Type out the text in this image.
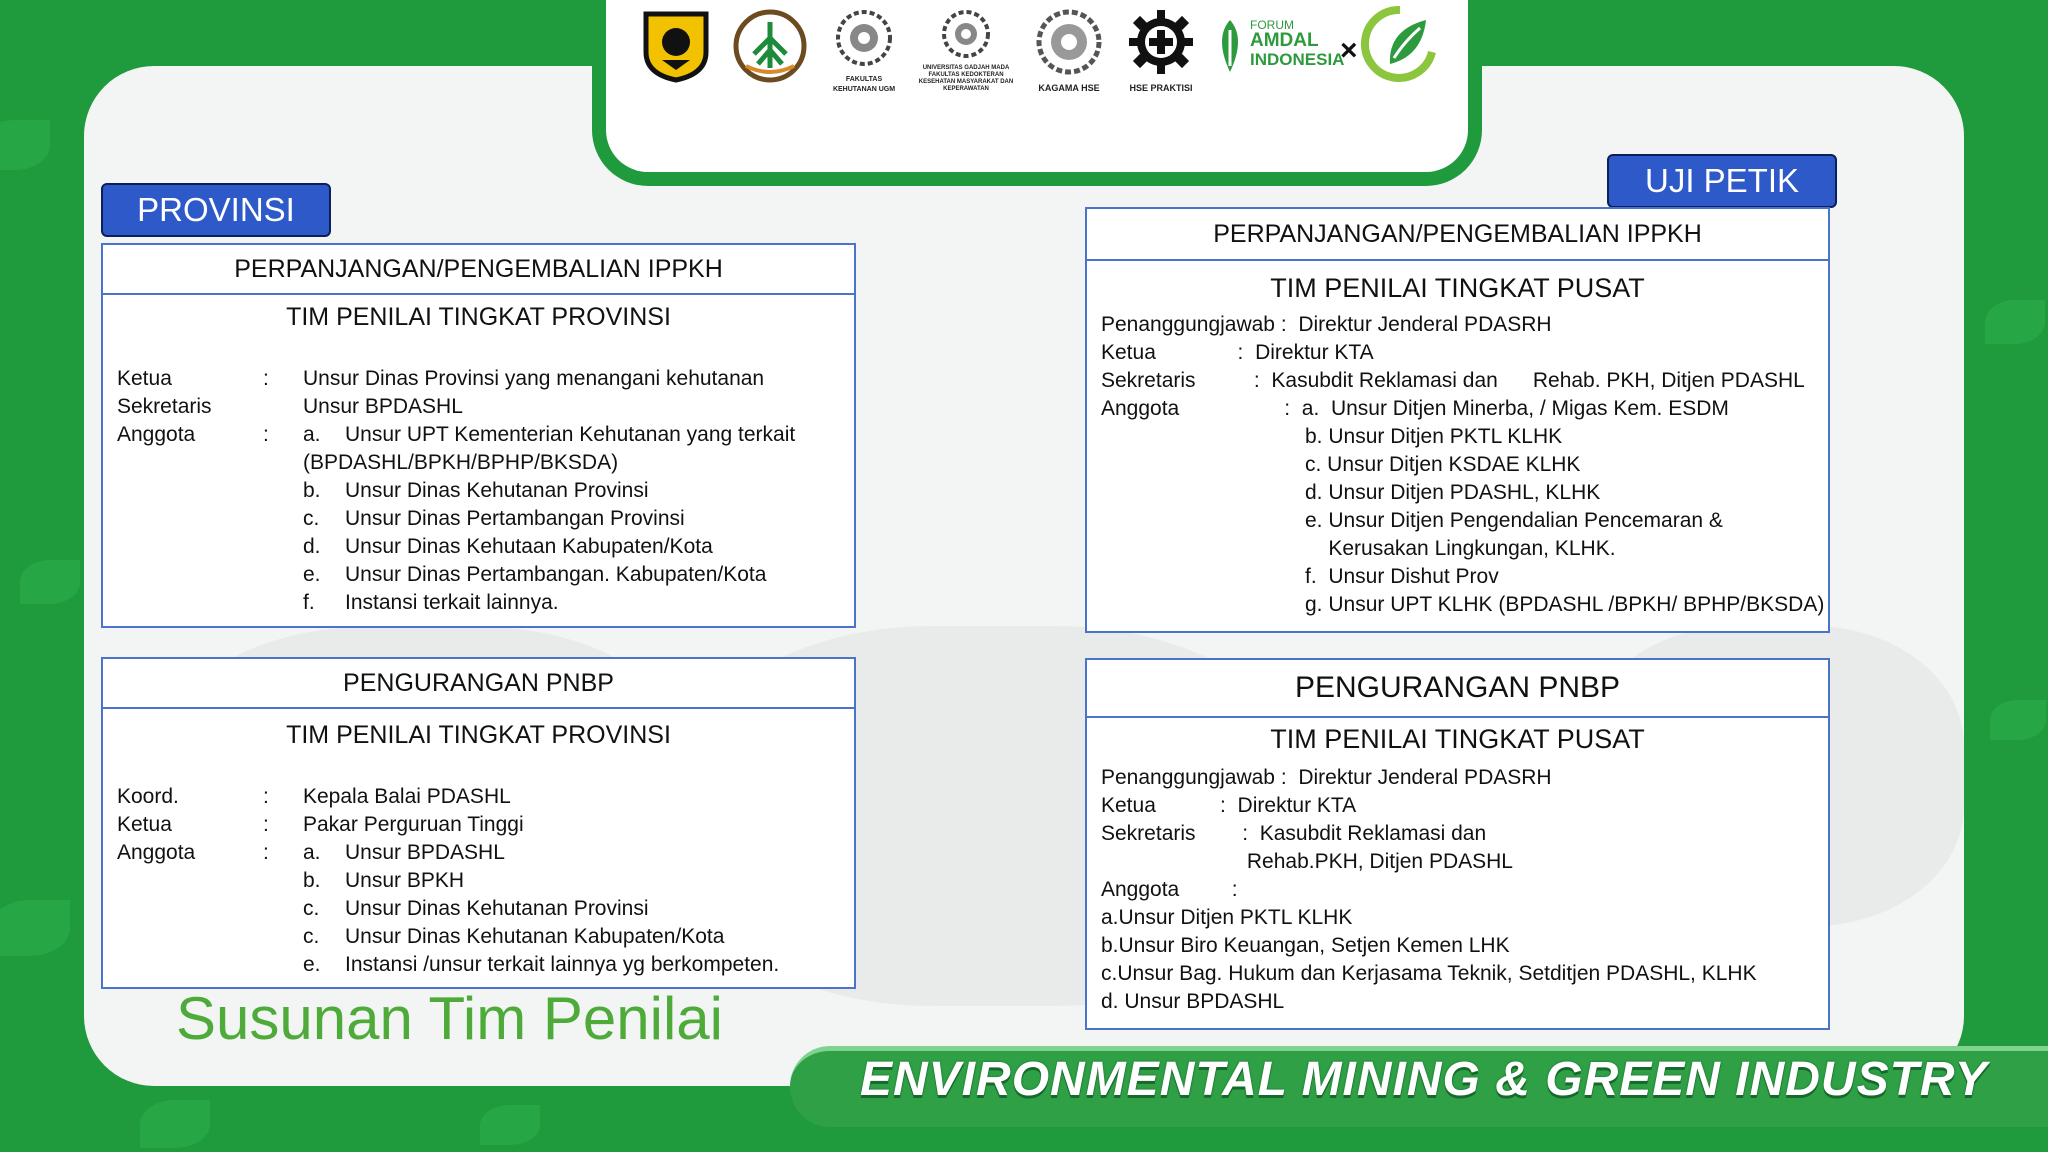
FAKULTAS KEHUTANAN UGM
UNIVERSITAS GADJAH MADA FAKULTAS KEDOKTERAN KESEHATAN MASYARAKAT DAN KEPERAWATAN	KAGAMA HSE	HSE PRAKTISI
FORUM
AMDAL
INDONESIA
×
PROVINSI
UJI PETIK
PERPANJANGAN/PENGEMBALIAN IPPKH
TIM PENILAI TINGKAT PROVINSI
Ketua	: Unsur Dinas Provinsi yang menangani kehutanan
Sekretaris	Unsur BPDASHL
Anggota	: a. Unsur UPT Kementerian Kehutanan yang terkait
(BPDASHL/BPKH/BPHP/BKSDA)
b. Unsur Dinas Kehutanan Provinsi
c. Unsur Dinas Pertambangan Provinsi
d. Unsur Dinas Kehutaan Kabupaten/Kota
e. Unsur Dinas Pertambangan. Kabupaten/Kota
f. Instansi terkait lainnya.
PENGURANGAN PNBP
TIM PENILAI TINGKAT PROVINSI
Koord.	: Kepala Balai PDASHL
Ketua	: Pakar Perguruan Tinggi
Anggota	: a. Unsur BPDASHL
b. Unsur BPKH
c. Unsur Dinas Kehutanan Provinsi
c. Unsur Dinas Kehutanan Kabupaten/Kota
e. Instansi /unsur terkait lainnya yg berkompeten.
PERPANJANGAN/PENGEMBALIAN IPPKH
TIM PENILAI TINGKAT PUSAT
Penanggungjawab :  Direktur Jenderal PDASRH
Ketua              :  Direktur KTA
Sekretaris          :  Kasubdit Reklamasi dan      Rehab. PKH, Ditjen PDASHL
Anggota                  :  a.  Unsur Ditjen Minerba, / Migas Kem. ESDM
b. Unsur Ditjen PKTL KLHK
c. Unsur Ditjen KSDAE KLHK
d. Unsur Ditjen PDASHL, KLHK
e. Unsur Ditjen Pengendalian Pencemaran &
Kerusakan Lingkungan, KLHK.
f.  Unsur Dishut Prov
g. Unsur UPT KLHK (BPDASHL /BPKH/ BPHP/BKSDA)
PENGURANGAN PNBP
TIM PENILAI TINGKAT PUSAT
Penanggungjawab :  Direktur Jenderal PDASRH
Ketua           :  Direktur KTA
Sekretaris        :  Kasubdit Reklamasi dan
Rehab.PKH, Ditjen PDASHL
Anggota         :
a.Unsur Ditjen PKTL KLHK
b.Unsur Biro Keuangan, Setjen Kemen LHK
c.Unsur Bag. Hukum dan Kerjasama Teknik, Setditjen PDASHL, KLHK
d. Unsur BPDASHL
Susunan Tim Penilai
ENVIRONMENTAL MINING & GREEN INDUSTRY
